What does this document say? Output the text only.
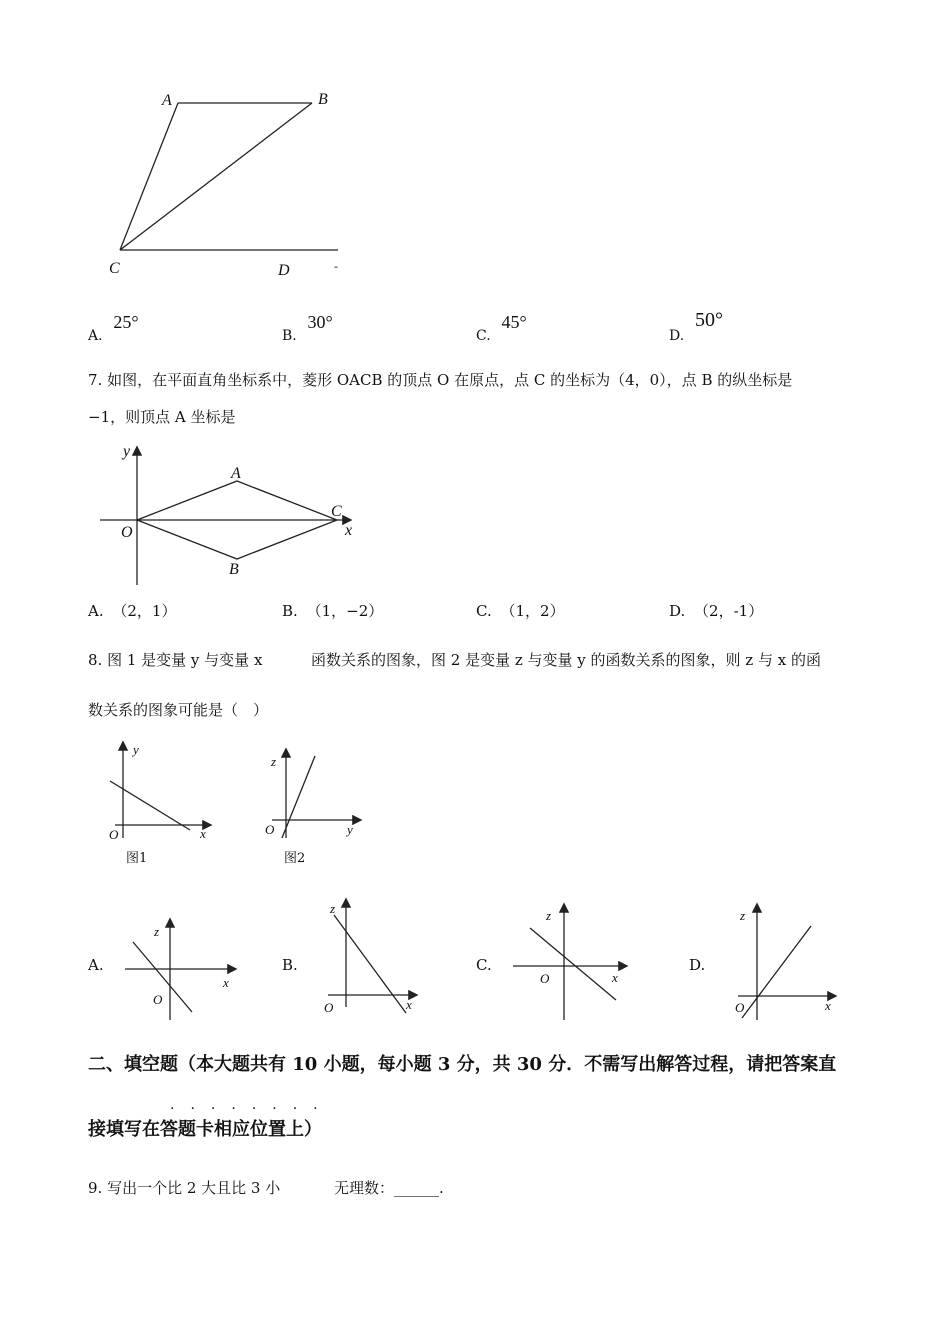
A	B
C	D	-
A. 25°
B. 30°
C. 45°
D. 50°
7. 如图，在平面直角坐标系中，菱形 OACB 的顶点 O 在原点，点 C 的坐标为（4，0），点 B 的纵坐标是
−1，则顶点 A 坐标是
y
x
O
A
B
C
A. （2，1）	B. （1，−2）	C. （1，2）	D. （2，-1）
8. 图 1 是变量 y 与变量 x	函数关系的图象，图 2 是变量 z 与变量 y 的函数关系的图象，则 z 与 x 的函
数关系的图象可能是（　）
y
x
O
图1
z
y
O
图2
A.
z
x
O
B.
z
x
O
C.
z
x
O
D.
z
x
O
二、填空题（本大题共有 10 小题，每小题 3 分，共 30 分．不需写出解答过程，请把答案直
........
接填写在答题卡相应位置上）
9. 写出一个比 2 大且比 3 小	无理数：______.
